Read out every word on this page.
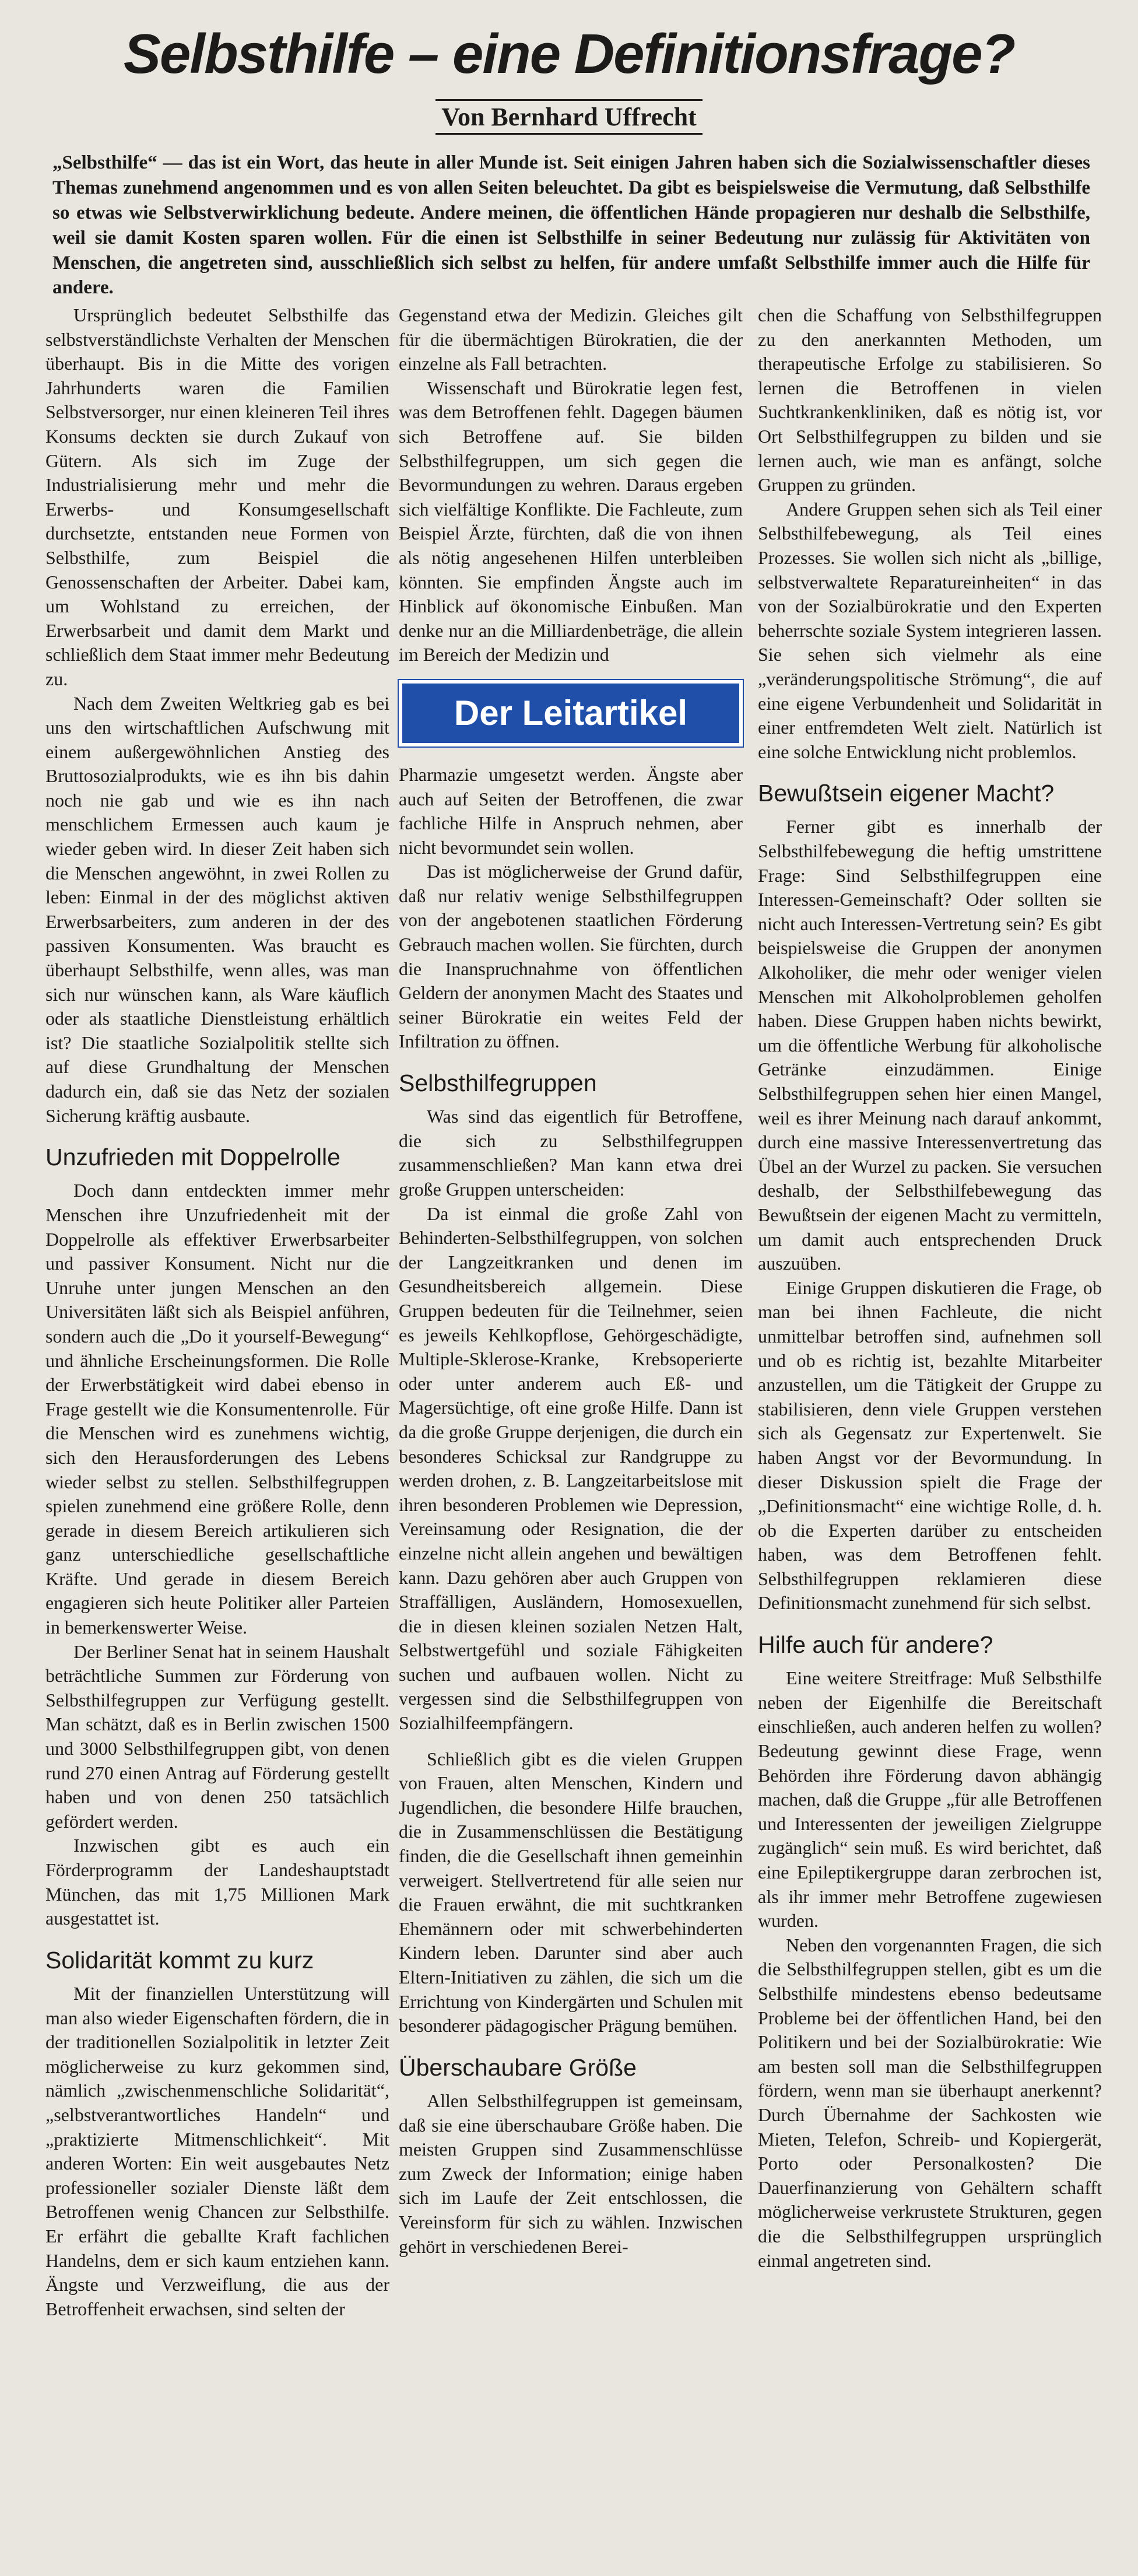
Selbsthilfe – eine Definitionsfrage?
Von Bernhard Uffrecht

„Selbsthilfe“ — das ist ein Wort, das heute in aller Munde ist. Seit einigen Jahren haben sich die Sozialwissenschaftler dieses Themas zunehmend angenommen und es von allen Seiten beleuchtet. Da gibt es beispielsweise die Vermutung, daß Selbsthilfe so etwas wie Selbstverwirklichung bedeute. Andere meinen, die öffentlichen Hände propagieren nur deshalb die Selbsthilfe, weil sie damit Kosten sparen wollen. Für die einen ist Selbsthilfe in seiner Bedeutung nur zulässig für Aktivitäten von Menschen, die angetreten sind, ausschließlich sich selbst zu helfen, für andere umfaßt Selbsthilfe immer auch die Hilfe für andere.

Ursprünglich bedeutet Selbsthilfe das selbstverständlichste Verhalten der Menschen überhaupt. Bis in die Mitte des vorigen Jahrhunderts waren die Familien Selbstversorger, nur einen kleineren Teil ihres Konsums deckten sie durch Zukauf von Gütern. Als sich im Zuge der Industrialisierung mehr und mehr die Erwerbs- und Konsumgesellschaft durchsetzte, entstanden neue Formen von Selbsthilfe, zum Beispiel die Genossenschaften der Arbeiter. Dabei kam, um Wohlstand zu erreichen, der Erwerbsarbeit und damit dem Markt und schließlich dem Staat immer mehr Bedeutung zu.

Nach dem Zweiten Weltkrieg gab es bei uns den wirtschaftlichen Aufschwung mit einem außergewöhnlichen Anstieg des Bruttosozialprodukts, wie es ihn bis dahin noch nie gab und wie es ihn nach menschlichem Ermessen auch kaum je wieder geben wird. In dieser Zeit haben sich die Menschen angewöhnt, in zwei Rollen zu leben: Einmal in der des möglichst aktiven Erwerbsarbeiters, zum anderen in der des passiven Konsumenten. Was braucht es überhaupt Selbsthilfe, wenn alles, was man sich nur wünschen kann, als Ware käuflich oder als staatliche Dienstleistung erhältlich ist? Die staatliche Sozialpolitik stellte sich auf diese Grundhaltung der Menschen dadurch ein, daß sie das Netz der sozialen Sicherung kräftig ausbaute.

Unzufrieden mit Doppelrolle

Doch dann entdeckten immer mehr Menschen ihre Unzufriedenheit mit der Doppelrolle als effektiver Erwerbsarbeiter und passiver Konsument. Nicht nur die Unruhe unter jungen Menschen an den Universitäten läßt sich als Beispiel anführen, sondern auch die „Do it yourself-Bewegung“ und ähnliche Erscheinungsformen. Die Rolle der Erwerbstätigkeit wird dabei ebenso in Frage gestellt wie die Konsumentenrolle. Für die Menschen wird es zunehmens wichtig, sich den Herausforderungen des Lebens wieder selbst zu stellen. Selbsthilfegruppen spielen zunehmend eine größere Rolle, denn gerade in diesem Bereich artikulieren sich ganz unterschiedliche gesellschaftliche Kräfte. Und gerade in diesem Bereich engagieren sich heute Politiker aller Parteien in bemerkenswerter Weise.

Der Berliner Senat hat in seinem Haushalt beträchtliche Summen zur Förderung von Selbsthilfegruppen zur Verfügung gestellt. Man schätzt, daß es in Berlin zwischen 1500 und 3000 Selbsthilfegruppen gibt, von denen rund 270 einen Antrag auf Förderung gestellt haben und von denen 250 tatsächlich gefördert werden.

Inzwischen gibt es auch ein Förderprogramm der Landeshauptstadt München, das mit 1,75 Millionen Mark ausgestattet ist.

Solidarität kommt zu kurz

Mit der finanziellen Unterstützung will man also wieder Eigenschaften fördern, die in der traditionellen Sozialpolitik in letzter Zeit möglicherweise zu kurz gekommen sind, nämlich „zwischenmenschliche Solidarität“, „selbstverantwortliches Handeln“ und „praktizierte Mitmenschlichkeit“. Mit anderen Worten: Ein weit ausgebautes Netz professioneller sozialer Dienste läßt dem Betroffenen wenig Chancen zur Selbsthilfe. Er erfährt die geballte Kraft fachlichen Handelns, dem er sich kaum entziehen kann. Ängste und Verzweiflung, die aus der Betroffenheit erwachsen, sind selten der

Gegenstand etwa der Medizin. Gleiches gilt für die übermächtigen Bürokratien, die der einzelne als Fall betrachten.

Wissenschaft und Bürokratie legen fest, was dem Betroffenen fehlt. Dagegen bäumen sich Betroffene auf. Sie bilden Selbsthilfegruppen, um sich gegen die Bevormundungen zu wehren. Daraus ergeben sich vielfältige Konflikte. Die Fachleute, zum Beispiel Ärzte, fürchten, daß die von ihnen als nötig angesehenen Hilfen unterbleiben könnten. Sie empfinden Ängste auch im Hinblick auf ökonomische Einbußen. Man denke nur an die Milliardenbeträge, die allein im Bereich der Medizin und

Der Leitartikel

Pharmazie umgesetzt werden. Ängste aber auch auf Seiten der Betroffenen, die zwar fachliche Hilfe in Anspruch nehmen, aber nicht bevormundet sein wollen.

Das ist möglicherweise der Grund dafür, daß nur relativ wenige Selbsthilfegruppen von der angebotenen staatlichen Förderung Gebrauch machen wollen. Sie fürchten, durch die Inanspruchnahme von öffentlichen Geldern der anonymen Macht des Staates und seiner Bürokratie ein weites Feld der Infiltration zu öffnen.

Selbsthilfegruppen

Was sind das eigentlich für Betroffene, die sich zu Selbsthilfegruppen zusammenschließen? Man kann etwa drei große Gruppen unterscheiden:

Da ist einmal die große Zahl von Behinderten-Selbsthilfegruppen, von solchen der Langzeitkranken und denen im Gesundheitsbereich allgemein. Diese Gruppen bedeuten für die Teilnehmer, seien es jeweils Kehlkopflose, Gehörgeschädigte, Multiple-Sklerose-Kranke, Krebsoperierte oder unter anderem auch Eß- und Magersüchtige, oft eine große Hilfe. Dann ist da die große Gruppe derjenigen, die durch ein besonderes Schicksal zur Randgruppe zu werden drohen, z. B. Langzeitarbeitslose mit ihren besonderen Problemen wie Depression, Vereinsamung oder Resignation, die der einzelne nicht allein angehen und bewältigen kann. Dazu gehören aber auch Gruppen von Straffälligen, Ausländern, Homosexuellen, die in diesen kleinen sozialen Netzen Halt, Selbstwertgefühl und soziale Fähigkeiten suchen und aufbauen wollen. Nicht zu vergessen sind die Selbsthilfegruppen von Sozialhilfeempfängern.

Schließlich gibt es die vielen Gruppen von Frauen, alten Menschen, Kindern und Jugendlichen, die besondere Hilfe brauchen, die in Zusammenschlüssen die Bestätigung finden, die die Gesellschaft ihnen gemeinhin verweigert. Stellvertretend für alle seien nur die Frauen erwähnt, die mit suchtkranken Ehemännern oder mit schwerbehinderten Kindern leben. Darunter sind aber auch Eltern-Initiativen zu zählen, die sich um die Errichtung von Kindergärten und Schulen mit besonderer pädagogischer Prägung bemühen.

Überschaubare Größe

Allen Selbsthilfegruppen ist gemeinsam, daß sie eine überschaubare Größe haben. Die meisten Gruppen sind Zusammenschlüsse zum Zweck der Information; einige haben sich im Laufe der Zeit entschlossen, die Vereinsform für sich zu wählen. Inzwischen gehört in verschiedenen Berei-

chen die Schaffung von Selbsthilfegruppen zu den anerkannten Methoden, um therapeutische Erfolge zu stabilisieren. So lernen die Betroffenen in vielen Suchtkrankenkliniken, daß es nötig ist, vor Ort Selbsthilfegruppen zu bilden und sie lernen auch, wie man es anfängt, solche Gruppen zu gründen.

Andere Gruppen sehen sich als Teil einer Selbsthilfebewegung, als Teil eines Prozesses. Sie wollen sich nicht als „billige, selbstverwaltete Reparatureinheiten“ in das von der Sozialbürokratie und den Experten beherrschte soziale System integrieren lassen. Sie sehen sich vielmehr als eine „veränderungspolitische Strömung“, die auf eine eigene Verbundenheit und Solidarität in einer entfremdeten Welt zielt. Natürlich ist eine solche Entwicklung nicht problemlos.

Bewußtsein eigener Macht?

Ferner gibt es innerhalb der Selbsthilfebewegung die heftig umstrittene Frage: Sind Selbsthilfegruppen eine Interessen-Gemeinschaft? Oder sollten sie nicht auch Interessen-Vertretung sein? Es gibt beispielsweise die Gruppen der anonymen Alkoholiker, die mehr oder weniger vielen Menschen mit Alkoholproblemen geholfen haben. Diese Gruppen haben nichts bewirkt, um die öffentliche Werbung für alkoholische Getränke einzudämmen. Einige Selbsthilfegruppen sehen hier einen Mangel, weil es ihrer Meinung nach darauf ankommt, durch eine massive Interessenvertretung das Übel an der Wurzel zu packen. Sie versuchen deshalb, der Selbsthilfebewegung das Bewußtsein der eigenen Macht zu vermitteln, um damit auch entsprechenden Druck auszuüben.

Einige Gruppen diskutieren die Frage, ob man bei ihnen Fachleute, die nicht unmittelbar betroffen sind, aufnehmen soll und ob es richtig ist, bezahlte Mitarbeiter anzustellen, um die Tätigkeit der Gruppe zu stabilisieren, denn viele Gruppen verstehen sich als Gegensatz zur Expertenwelt. Sie haben Angst vor der Bevormundung. In dieser Diskussion spielt die Frage der „Definitionsmacht“ eine wichtige Rolle, d. h. ob die Experten darüber zu entscheiden haben, was dem Betroffenen fehlt. Selbsthilfegruppen reklamieren diese Definitionsmacht zunehmend für sich selbst.

Hilfe auch für andere?

Eine weitere Streitfrage: Muß Selbsthilfe neben der Eigenhilfe die Bereitschaft einschließen, auch anderen helfen zu wollen? Bedeutung gewinnt diese Frage, wenn Behörden ihre Förderung davon abhängig machen, daß die Gruppe „für alle Betroffenen und Interessenten der jeweiligen Zielgruppe zugänglich“ sein muß. Es wird berichtet, daß eine Epileptikergruppe daran zerbrochen ist, als ihr immer mehr Betroffene zugewiesen wurden.

Neben den vorgenannten Fragen, die sich die Selbsthilfegruppen stellen, gibt es um die Selbsthilfe mindestens ebenso bedeutsame Probleme bei der öffentlichen Hand, bei den Politikern und bei der Sozialbürokratie: Wie am besten soll man die Selbsthilfegruppen fördern, wenn man sie überhaupt anerkennt? Durch Übernahme der Sachkosten wie Mieten, Telefon, Schreib- und Kopiergerät, Porto oder Personalkosten? Die Dauerfinanzierung von Gehältern schafft möglicherweise verkrustete Strukturen, gegen die die Selbsthilfegruppen ursprünglich einmal angetreten sind.
